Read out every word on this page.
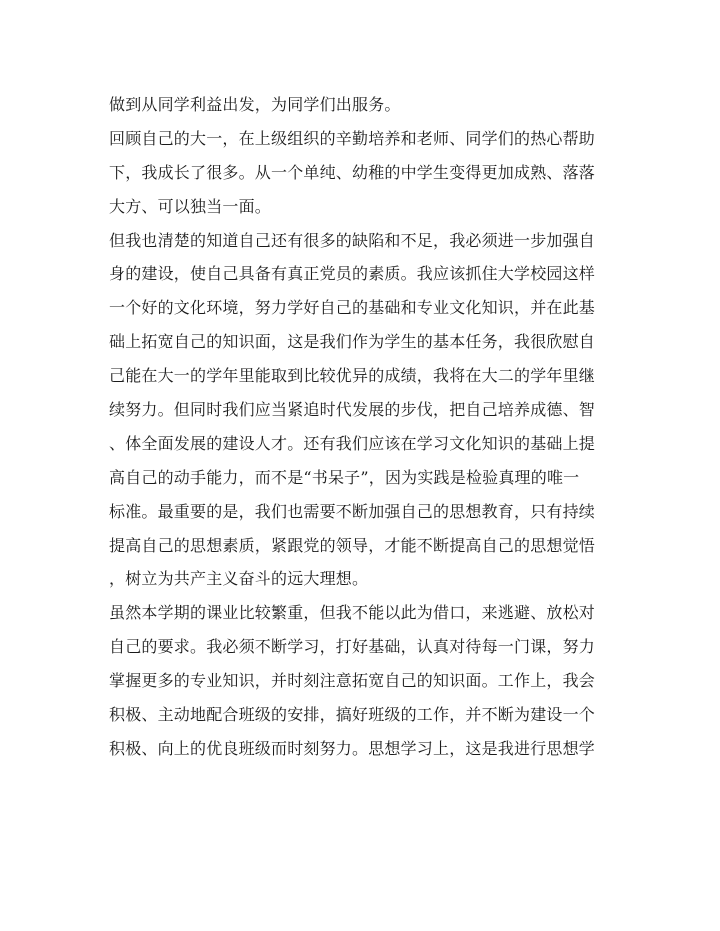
做到从同学利益出发，为同学们出服务。
回顾自己的大一，在上级组织的辛勤培养和老师、同学们的热心帮助
下，我成长了很多。从一个单纯、幼稚的中学生变得更加成熟、落落
大方、可以独当一面。
但我也清楚的知道自己还有很多的缺陷和不足，我必须进一步加强自
身的建设，使自己具备有真正党员的素质。我应该抓住大学校园这样
一个好的文化环境，努力学好自己的基础和专业文化知识，并在此基
础上拓宽自己的知识面，这是我们作为学生的基本任务，我很欣慰自
己能在大一的学年里能取到比较优异的成绩，我将在大二的学年里继
续努力。但同时我们应当紧追时代发展的步伐，把自己培养成德、智
、体全面发展的建设人才。还有我们应该在学习文化知识的基础上提
高自己的动手能力，而不是“书呆子”，因为实践是检验真理的唯一
标准。最重要的是，我们也需要不断加强自己的思想教育，只有持续
提高自己的思想素质，紧跟党的领导，才能不断提高自己的思想觉悟
，树立为共产主义奋斗的远大理想。
虽然本学期的课业比较繁重，但我不能以此为借口，来逃避、放松对
自己的要求。我必须不断学习，打好基础，认真对待每一门课，努力
掌握更多的专业知识，并时刻注意拓宽自己的知识面。工作上，我会
积极、主动地配合班级的安排，搞好班级的工作，并不断为建设一个
积极、向上的优良班级而时刻努力。思想学习上，这是我进行思想学
